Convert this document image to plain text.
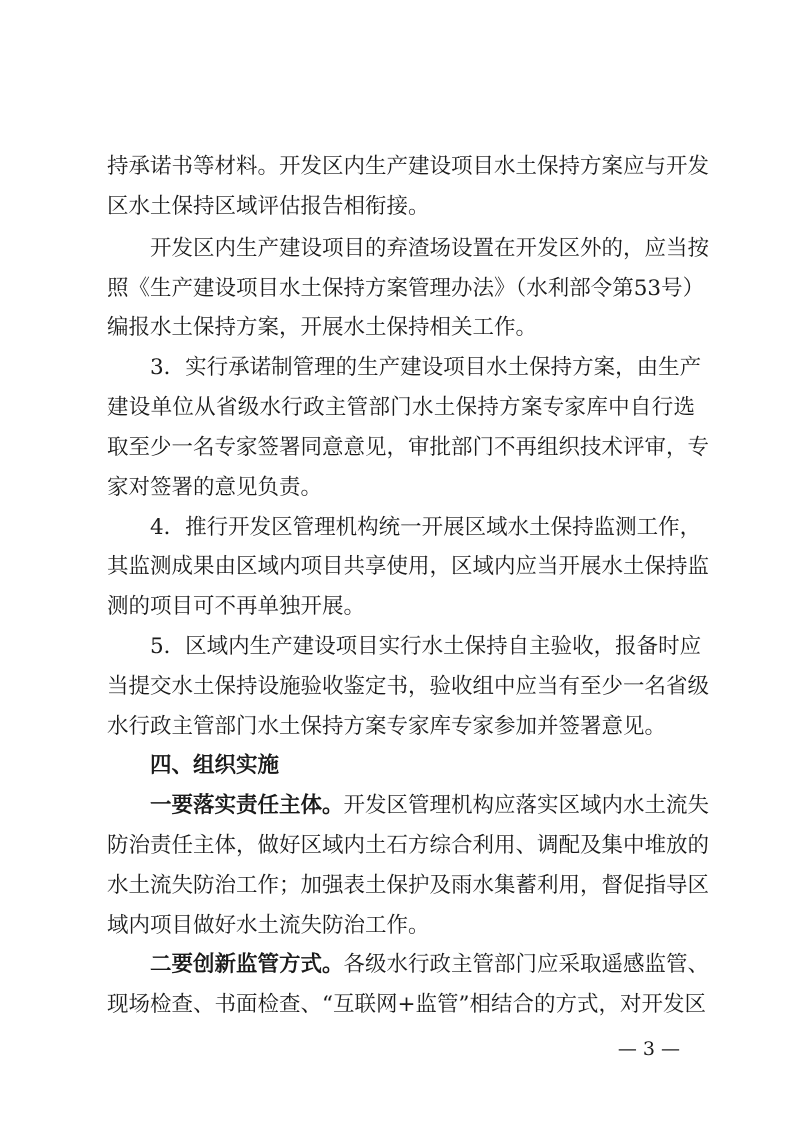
持承诺书等材料。开发区内生产建设项目水土保持方案应与开发
区水土保持区域评估报告相衔接。
开发区内生产建设项目的弃渣场设置在开发区外的，应当按
照《生产建设项目水土保持方案管理办法》（水利部令第53号）
编报水土保持方案，开展水土保持相关工作。
3．实行承诺制管理的生产建设项目水土保持方案，由生产
建设单位从省级水行政主管部门水土保持方案专家库中自行选
取至少一名专家签署同意意见，审批部门不再组织技术评审，专
家对签署的意见负责。
4．推行开发区管理机构统一开展区域水土保持监测工作，
其监测成果由区域内项目共享使用，区域内应当开展水土保持监
测的项目可不再单独开展。
5．区域内生产建设项目实行水土保持自主验收，报备时应
当提交水土保持设施验收鉴定书，验收组中应当有至少一名省级
水行政主管部门水土保持方案专家库专家参加并签署意见。
四、组织实施
一要落实责任主体。开发区管理机构应落实区域内水土流失
防治责任主体，做好区域内土石方综合利用、调配及集中堆放的
水土流失防治工作；加强表土保护及雨水集蓄利用，督促指导区
域内项目做好水土流失防治工作。
二要创新监管方式。各级水行政主管部门应采取遥感监管、
现场检查、书面检查、“互联网+监管”相结合的方式，对开发区
— 3 —
